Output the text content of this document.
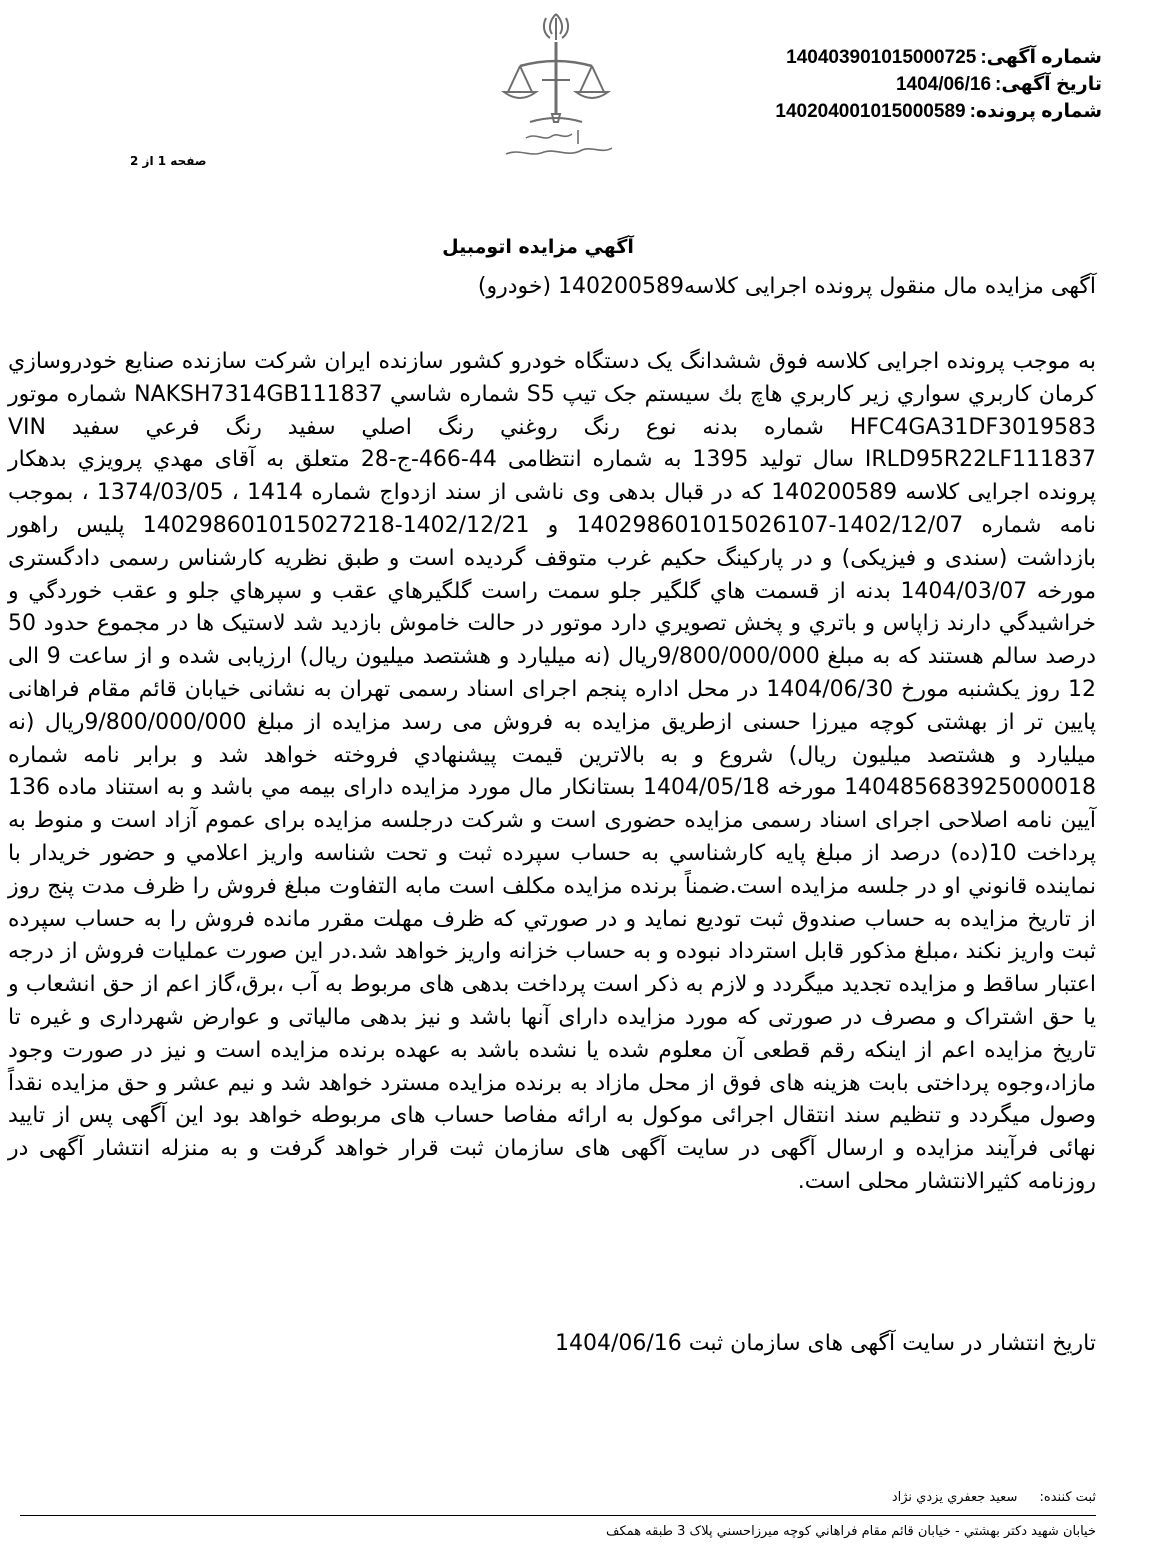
شماره آگهی:140403901015000725
تاریخ آگهی:1404/06/16
شماره پرونده:140204001015000589
صفحه 1 از 2
آگهي مزايده اتومبيل
آگهی مزایده مال منقول پرونده اجرایی کلاسه140200589 (خودرو)
به موجب پرونده اجرایی کلاسه فوق ششدانگ یک دستگاه خودرو کشور سازنده ایران شرکت سازنده صنایع خودروسازي کرمان کاربري سواري زير کاربري هاچ بك سيستم جک تيپ S5 شماره شاسي NAKSH7314GB111837 شماره موتور HFC4GA31DF3019583 شماره بدنه نوع رنگ روغني رنگ اصلي سفيد رنگ فرعي سفيد VIN IRLD95R22LF111837 سال تولید 1395 به شماره انتظامی 44-466-ج-28 متعلق به آقای مهدي پرويزي بدهکار پرونده اجرایی کلاسه 140200589 که در قبال بدهی وی ناشی از سند ازدواج شماره 1414 ، 1374/03/05 ، بموجب نامه شماره 1402/12/07-140298601015026107 و 1402/12/21-140298601015027218 پلیس راهور بازداشت (سندی و فیزیکی) و در پارکینگ حکیم غرب متوقف گردیده است و طبق نظریه کارشناس رسمی دادگستری مورخه 1404/03/07 بدنه از قسمت هاي گلگير جلو سمت راست گلگيرهاي عقب و سپرهاي جلو و عقب خوردگي و خراشيدگي دارند زاپاس و باتري و پخش تصويري دارد موتور در حالت خاموش بازديد شد لاستيک ها در مجموع حدود 50 درصد سالم هستند که به مبلغ 9/800/000/000ريال (نه میلیارد و هشتصد میلیون ریال) ارزیابی شده و از ساعت 9 الی 12 روز یکشنبه مورخ 1404/06/30 در محل اداره پنجم اجرای اسناد رسمی تهران به نشانی خیابان قائم مقام فراهانی پایین تر از بهشتی کوچه میرزا حسنی ازطریق مزایده به فروش می رسد مزايده از مبلغ 9/800/000/000ريال (نه میلیارد و هشتصد میلیون ریال) شروع و به بالاترين قيمت پيشنهادي فروخته خواهد شد و برابر نامه شماره 140485683925000018 مورخه 1404/05/18 بستانکار مال مورد مزایده دارای بیمه مي باشد و به استناد ماده 136 آيين نامه اصلاحی اجرای اسناد رسمی مزايده حضوری است و شرکت درجلسه مزايده برای عموم آزاد است و منوط به پرداخت 10(ده) درصد از مبلغ پايه کارشناسي به حساب سپرده ثبت و تحت شناسه واريز اعلامي و حضور خريدار با نماينده قانوني او در جلسه مزايده است.ضمناً برنده مزايده مکلف است مابه التفاوت مبلغ فروش را ظرف مدت پنج روز از تاريخ مزايده به حساب صندوق ثبت توديع نمايد و در صورتي که ظرف مهلت مقرر مانده فروش را به حساب سپرده ثبت واريز نکند ،مبلغ مذکور قابل استرداد نبوده و به حساب خزانه واريز خواهد شد.در اين صورت عمليات فروش از درجه اعتبار ساقط و مزايده تجديد ميگردد و لازم به ذکر است پرداخت بدهی های مربوط به آب ،برق،گاز اعم از حق انشعاب و یا حق اشتراک و مصرف در صورتی که مورد مزایده دارای آنها باشد و نیز بدهی مالیاتی و عوارض شهرداری و غیره تا تاریخ مزایده اعم از اینکه رقم قطعی آن معلوم شده یا نشده باشد به عهده برنده مزایده است و نیز در صورت وجود مازاد،وجوه پرداختی بابت هزینه های فوق از محل مازاد به برنده مزایده مسترد خواهد شد و نیم عشر و حق مزایده نقداً وصول میگردد و تنظیم سند انتقال اجرائی موکول به ارائه مفاصا حساب های مربوطه خواهد بود این آگهی پس از تایید نهائی فرآیند مزایده و ارسال آگهی در سایت آگهی های سازمان ثبت قرار خواهد گرفت و به منزله انتشار آگهی در روزنامه کثیرالانتشار محلی است.
تاریخ انتشار در سایت آگهی های سازمان ثبت 1404/06/16
ثبت کننده: سعید جعفري يزدي نژاد
خيابان شهيد دکتر بهشتي - خيابان قائم مقام فراهاني کوچه ميرزاحسني پلاک 3 طبقه همکف
